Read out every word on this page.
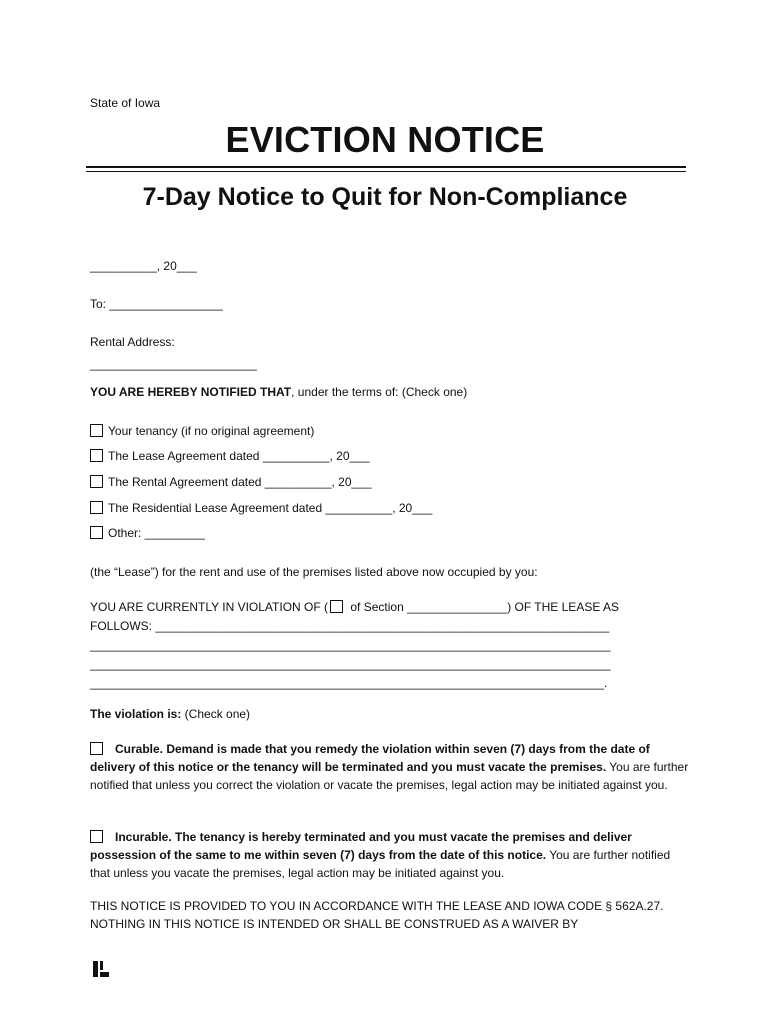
State of Iowa
EVICTION NOTICE
7-Day Notice to Quit for Non-Compliance
__________, 20___
To: _________________
Rental Address:
_________________________
YOU ARE HEREBY NOTIFIED THAT, under the terms of: (Check one)
Your tenancy (if no original agreement)
The Lease Agreement dated __________, 20___
The Rental Agreement dated __________, 20___
The Residential Lease Agreement dated __________, 20___
Other: _________
(the “Lease”) for the rent and use of the premises listed above now occupied by you:
YOU ARE CURRENTLY IN VIOLATION OF ( of Section _______________) OF THE LEASE AS
FOLLOWS: ____________________________________________________________________
______________________________________________________________________________
______________________________________________________________________________
_____________________________________________________________________________.
The violation is: (Check one)
Curable. Demand is made that you remedy the violation within seven (7) days from the date of delivery of this notice or the tenancy will be terminated and you must vacate the premises. You are further notified that unless you correct the violation or vacate the premises, legal action may be initiated against you.
Incurable. The tenancy is hereby terminated and you must vacate the premises and deliver possession of the same to me within seven (7) days from the date of this notice. You are further notified that unless you vacate the premises, legal action may be initiated against you.
THIS NOTICE IS PROVIDED TO YOU IN ACCORDANCE WITH THE LEASE AND IOWA CODE § 562A.27. NOTHING IN THIS NOTICE IS INTENDED OR SHALL BE CONSTRUED AS A WAIVER BY
